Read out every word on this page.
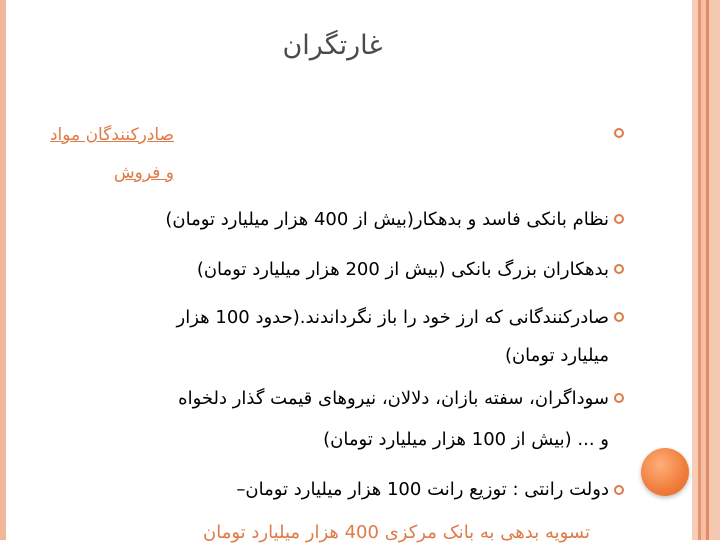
غارتگران
صادرکنندگان مواد
و فروش
نظام بانکی فاسد و بدهکار(بیش از 400 هزار میلیارد تومان)
بدهکاران بزرگ بانکی (بیش از 200 هزار میلیارد تومان)
صادرکنندگانی که ارز خود را باز نگرداندند.(حدود 100 هزار
میلیارد تومان)
سوداگران، سفته بازان، دلالان، نیروهای قیمت گذار دلخواه
و ... (بیش از 100 هزار میلیارد تومان)
دولت رانتی : توزیع رانت 100 هزار میلیارد تومان–
تسویه بدهی به بانک مرکزی 400 هزار میلیارد تومان
